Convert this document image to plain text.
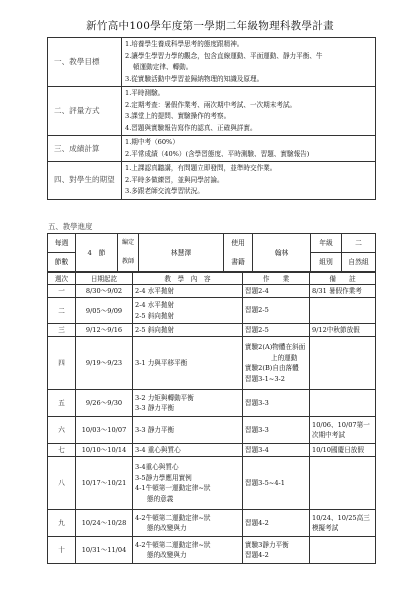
新竹高中100學年度第一學期二年級物理科教學計畫
一、教學目標	1.培養學生養成科學思考的態度跟精神。
2.讓學生學習力學的觀念，包含直線運動、平面運動、靜力平衡、牛
頓運動定律、轉動。
3.從實驗活動中學習並歸納物理的知識及原理。

二、評量方式	1.平時測驗。
2.定期考查：暑假作業考、兩次期中考試、一次期末考試。
3.課堂上的提問、實驗操作的考察。
4.習題與實驗報告寫作的認真、正確與詳實。

三、成績計算	1.期中考（60%）
2.平常成績（40%）(含學習態度、平時測驗、習題、實驗報告)

四、對學生的期望	1.上課認真聽講，有問題立即發問，並準時交作業。
2.平時多做練習，並與同學討論。
3.多跟老師交流學習狀況。
五、教學進度
每週	4　節	編定	林慧澤	使用	翰林	年級	二
節數		教師		書籍		組別	自然組
週次	日期起訖	教　學　內　容	作　　業	備　　註
一	8/30～9/02	2-4 水平拋射	習題2-4	8/31 暑假作業考

二	9/05～9/09	2-4 水平拋射
2-5 斜向拋射	習題2-5	

三	9/12～9/16	2-5 斜向拋射	習題2-5	9/12中秋節放假

四	9/19～9/23	3-1 力與平移平衡	實驗2(A)物體在斜面
上的運動
實驗2(B)自由落體
習題3-1~3-2	

五	9/26～9/30	3-2 力矩與轉動平衡
3-3 靜力平衡	習題3-3	

六	10/03～10/07	3-3 靜力平衡	習題3-3	10/06、10/07第一
次期中考試

七	10/10～10/14	3-4 重心與質心	習題3-4	10/10國慶日放假

八	10/17～10/21	3-4重心與質心
3-5靜力學應用實例
4-1牛頓第一運動定律~狀
態的意義	習題3-5~4-1	

九	10/24～10/28	4-2牛頓第二運動定律~狀
態的改變與力	習題4-2	10/24、10/25高三
模擬考試

十	10/31～11/04	4-2牛頓第二運動定律~狀
態的改變與力	實驗3靜力平衡
習題4-2	
